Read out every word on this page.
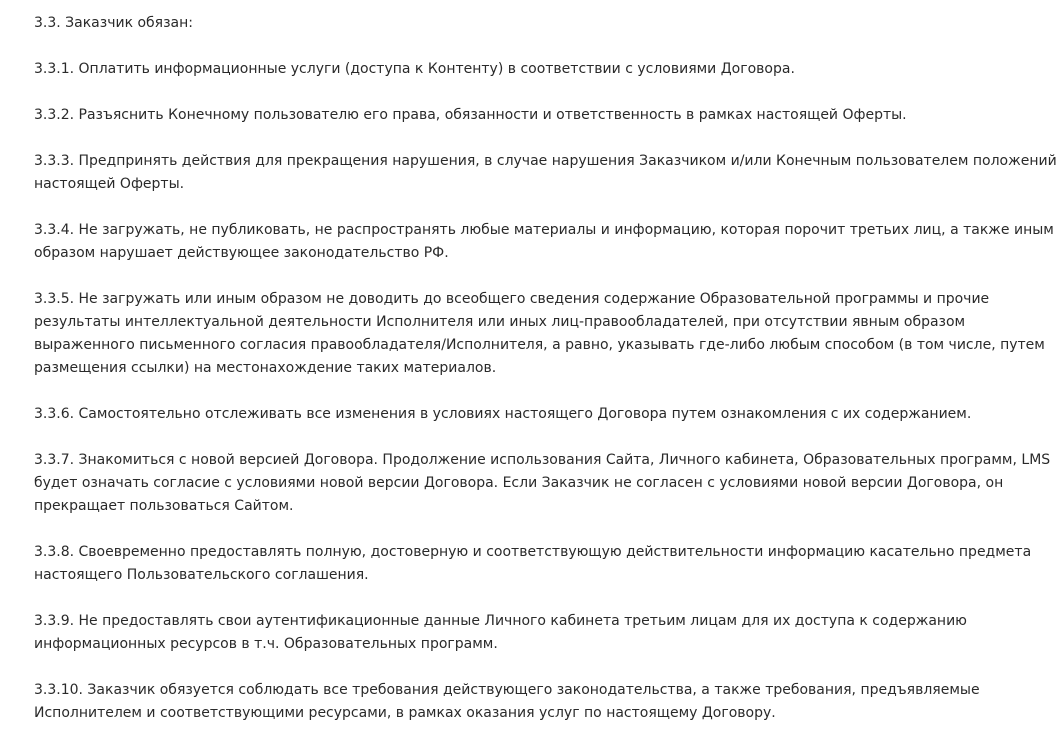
3.3. Заказчик обязан:
3.3.1. Оплатить информационные услуги (доступа к Контенту) в соответствии с условиями Договора.
3.3.2. Разъяснить Конечному пользователю его права, обязанности и ответственность в рамках настоящей Оферты.
3.3.3. Предпринять действия для прекращения нарушения, в случае нарушения Заказчиком и/или Конечным пользователем положений
настоящей Оферты.
3.3.4. Не загружать, не публиковать, не распространять любые материалы и информацию, которая порочит третьих лиц, а также иным
образом нарушает действующее законодательство РФ.
3.3.5. Не загружать или иным образом не доводить до всеобщего сведения содержание Образовательной программы и прочие
результаты интеллектуальной деятельности Исполнителя или иных лиц-правообладателей, при отсутствии явным образом
выраженного письменного согласия правообладателя/Исполнителя, а равно, указывать где-либо любым способом (в том числе, путем
размещения ссылки) на местонахождение таких материалов.
3.3.6. Самостоятельно отслеживать все изменения в условиях настоящего Договора путем ознакомления с их содержанием.
3.3.7. Знакомиться с новой версией Договора. Продолжение использования Сайта, Личного кабинета, Образовательных программ, LMS
будет означать согласие с условиями новой версии Договора. Если Заказчик не согласен с условиями новой версии Договора, он
прекращает пользоваться Сайтом.
3.3.8. Своевременно предоставлять полную, достоверную и соответствующую действительности информацию касательно предмета
настоящего Пользовательского соглашения.
3.3.9. Не предоставлять свои аутентификационные данные Личного кабинета третьим лицам для их доступа к содержанию
информационных ресурсов в т.ч. Образовательных программ.
3.3.10. Заказчик обязуется соблюдать все требования действующего законодательства, а также требования, предъявляемые
Исполнителем и соответствующими ресурсами, в рамках оказания услуг по настоящему Договору.
